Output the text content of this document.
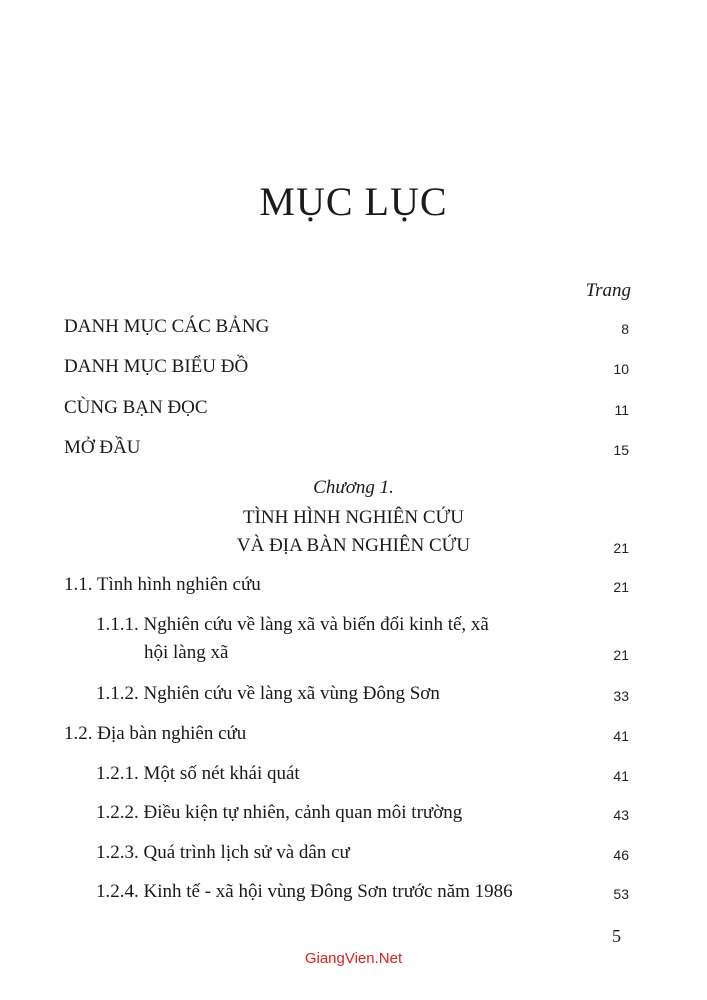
MỤC LỤC
Trang
DANH MỤC CÁC BẢNG	8
DANH MỤC BIỂU ĐỒ	10
CÙNG BẠN ĐỌC	11
MỞ ĐẦU	15
Chương 1.
TÌNH HÌNH NGHIÊN CỨU
VÀ ĐỊA BÀN NGHIÊN CỨU	21
1.1. Tình hình nghiên cứu	21
1.1.1. Nghiên cứu về làng xã và biến đổi kinh tế, xã
hội làng xã	21
1.1.2. Nghiên cứu về làng xã vùng Đông Sơn	33
1.2. Địa bàn nghiên cứu	41
1.2.1. Một số nét khái quát	41
1.2.2. Điều kiện tự nhiên, cảnh quan môi trường	43
1.2.3. Quá trình lịch sử và dân cư	46
1.2.4. Kinh tế - xã hội vùng Đông Sơn trước năm 1986	53
5
GiangVien.Net
